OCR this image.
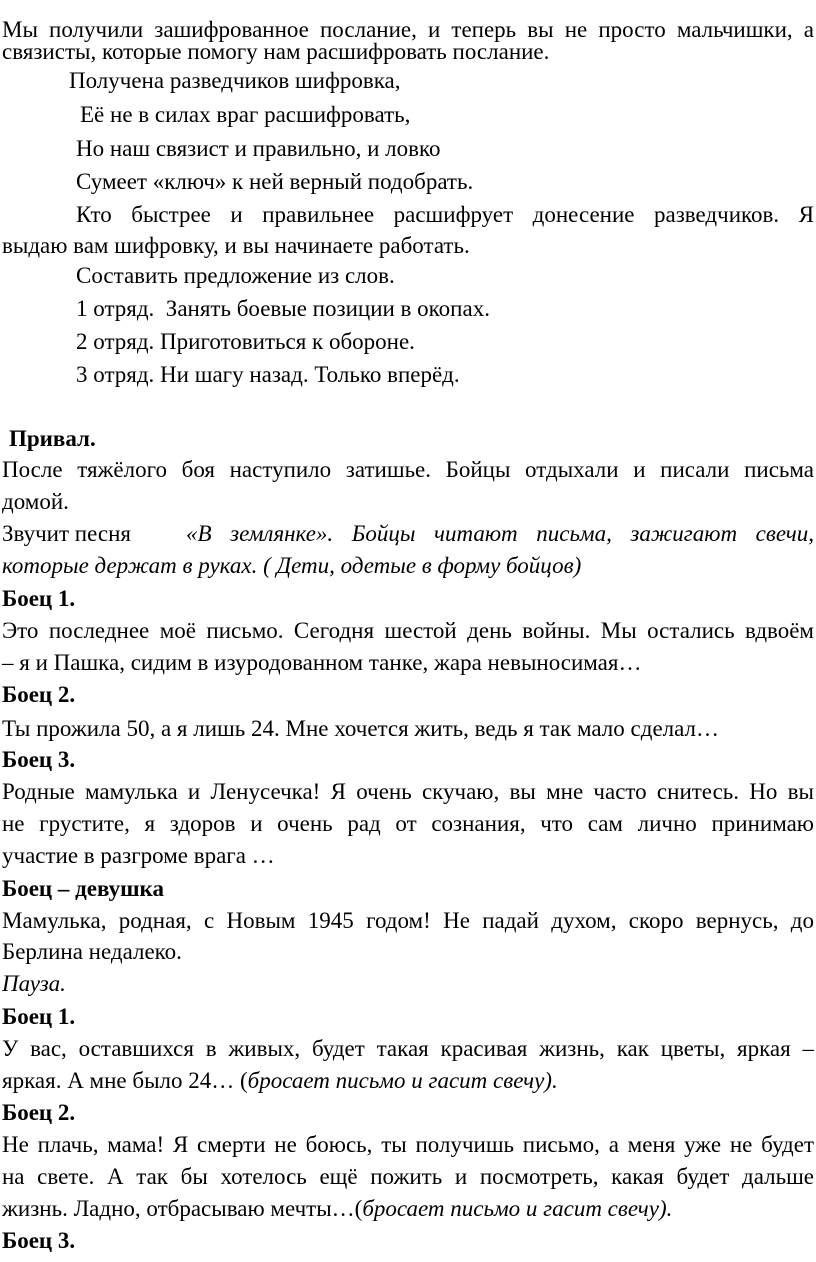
Мы получили зашифрованное послание, и теперь вы не просто мальчишки, а
связисты, которые помогу нам расшифровать послание.
Получена разведчиков шифровка,
Её не в силах враг расшифровать,
Но наш связист и правильно, и ловко
Сумеет «ключ» к ней верный подобрать.
Кто быстрее и правильнее расшифрует донесение разведчиков. Я
выдаю вам шифровку, и вы начинаете работать.
Составить предложение из слов.
1 отряд.  Занять боевые позиции в окопах.
2 отряд. Приготовиться к обороне.
3 отряд. Ни шагу назад. Только вперёд.
Привал.
После тяжёлого боя наступило затишье. Бойцы отдыхали и писали письма
домой.
Звучит песня	«В землянке». Бойцы читают письма, зажигают свечи,
которые держат в руках. ( Дети, одетые в форму бойцов)
Боец 1.
Это последнее моё письмо. Сегодня шестой день войны. Мы остались вдвоём
– я и Пашка, сидим в изуродованном танке, жара невыносимая…
Боец 2.
Ты прожила 50, а я лишь 24. Мне хочется жить, ведь я так мало сделал…
Боец 3.
Родные мамулька и Ленусечка! Я очень скучаю, вы мне часто снитесь. Но вы
не грустите, я здоров и очень рад от сознания, что сам лично принимаю
участие в разгроме врага …
Боец – девушка
Мамулька, родная, с Новым 1945 годом! Не падай духом, скоро вернусь, до
Берлина недалеко.
Пауза.
Боец 1.
У вас, оставшихся в живых, будет такая красивая жизнь, как цветы, яркая –
яркая. А мне было 24… (бросает письмо и гасит свечу).
Боец 2.
Не плачь, мама! Я смерти не боюсь, ты получишь письмо, а меня уже не будет
на свете. А так бы хотелось ещё пожить и посмотреть, какая будет дальше
жизнь. Ладно, отбрасываю мечты…(бросает письмо и гасит свечу).
Боец 3.
